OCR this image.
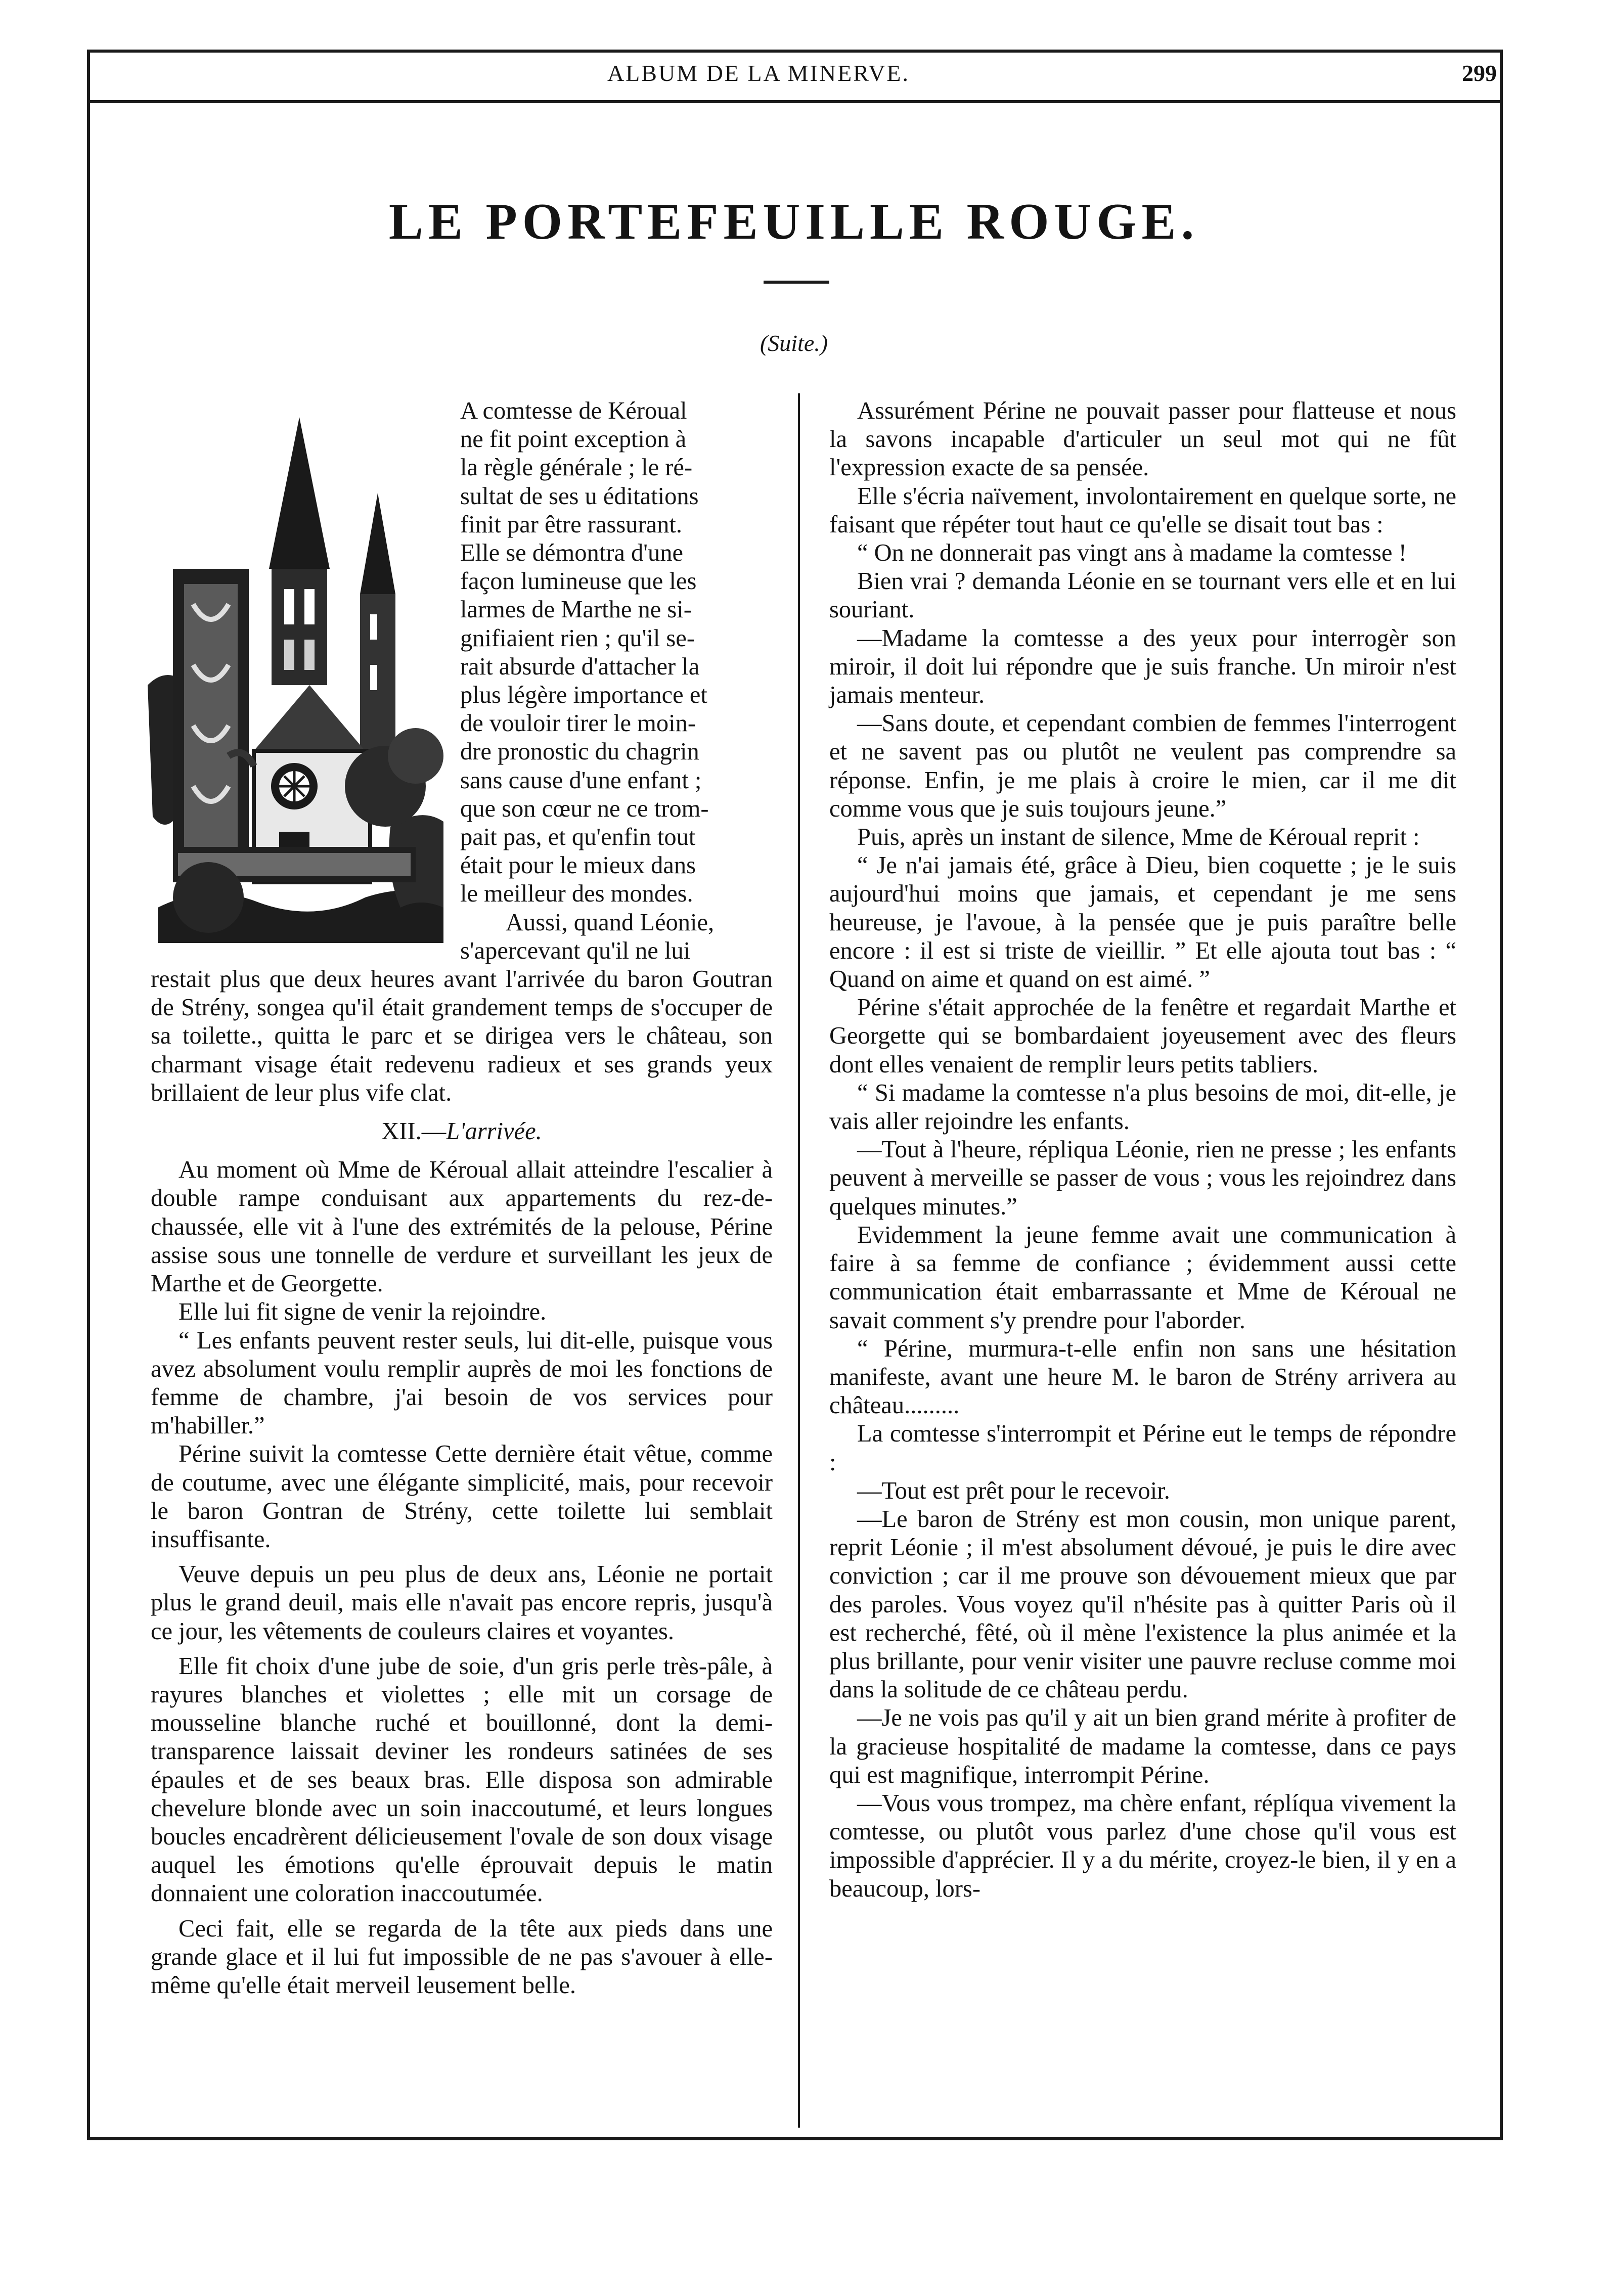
ALBUM DE LA MINERVE.	299
LE PORTEFEUILLE ROUGE.
(Suite.)

A comtesse de Kéroual

ne fit point exception à

la règle générale ; le ré-

sultat de ses u éditations

finit par être rassurant.

Elle se démontra d'une

façon lumineuse que les

larmes de Marthe ne si-

gnifiaient rien ; qu'il se-

rait absurde d'attacher la

plus légère importance et

de vouloir tirer le moin-

dre pronostic du chagrin

sans cause d'une enfant ;

que son cœur ne ce trom-

pait pas, et qu'enfin tout

était pour le mieux dans

le meilleur des mondes.

Aussi, quand Léonie,

s'apercevant qu'il ne lui

restait plus que deux heures avant l'arrivée du baron Goutran de Strény, songea qu'il était grandement temps de s'occuper de sa toilette., quitta le parc et se dirigea vers le château, son charmant visage était redevenu radieux et ses grands yeux brillaient de leur plus vife clat.

XII.—L'arrivée.

Au moment où Mme de Kéroual allait atteindre l'escalier à double rampe conduisant aux appartements du rez-de-chaussée, elle vit à l'une des extrémités de la pelouse, Périne assise sous une tonnelle de verdure et surveillant les jeux de Marthe et de Georgette.

Elle lui fit signe de venir la rejoindre.

“ Les enfants peuvent rester seuls, lui dit-elle, puisque vous avez absolument voulu remplir auprès de moi les fonctions de femme de chambre, j'ai besoin de vos services pour m'habiller.”

Périne suivit la comtesse Cette dernière était vêtue, comme de coutume, avec une élégante simplicité, mais, pour recevoir le baron Gontran de Strény, cette toilette lui semblait insuffisante.

Veuve depuis un peu plus de deux ans, Léonie ne portait plus le grand deuil, mais elle n'avait pas encore repris, jusqu'à ce jour, les vêtements de couleurs claires et voyantes.

Elle fit choix d'une jube de soie, d'un gris perle très-pâle, à rayures blanches et violettes ; elle mit un corsage de mousseline blanche ruché et bouillonné, dont la demi-transparence laissait deviner les rondeurs satinées de ses épaules et de ses beaux bras. Elle disposa son admirable chevelure blonde avec un soin inaccoutumé, et leurs longues boucles encadrèrent délicieusement l'ovale de son doux visage auquel les émotions qu'elle éprouvait depuis le matin donnaient une coloration inaccoutumée.

Ceci fait, elle se regarda de la tête aux pieds dans une grande glace et il lui fut impossible de ne pas s'avouer à elle-même qu'elle était merveil leusement belle.

Assurément Périne ne pouvait passer pour flatteuse et nous la savons incapable d'articuler un seul mot qui ne fût l'expression exacte de sa pensée.

Elle s'écria naïvement, involontairement en quelque sorte, ne faisant que répéter tout haut ce qu'elle se disait tout bas :

“ On ne donnerait pas vingt ans à madame la comtesse !

Bien vrai ? demanda Léonie en se tournant vers elle et en lui souriant.

—Madame la comtesse a des yeux pour interrogèr son miroir, il doit lui répondre que je suis franche. Un miroir n'est jamais menteur.

—Sans doute, et cependant combien de femmes l'interrogent et ne savent pas ou plutôt ne veulent pas comprendre sa réponse. Enfin, je me plais à croire le mien, car il me dit comme vous que je suis toujours jeune.”

Puis, après un instant de silence, Mme de Kéroual reprit :

“ Je n'ai jamais été, grâce à Dieu, bien coquette ; je le suis aujourd'hui moins que jamais, et cependant je me sens heureuse, je l'avoue, à la pensée que je puis paraître belle encore : il est si triste de vieillir. ” Et elle ajouta tout bas : “ Quand on aime et quand on est aimé. ”

Périne s'était approchée de la fenêtre et regardait Marthe et Georgette qui se bombardaient joyeusement avec des fleurs dont elles venaient de remplir leurs petits tabliers.

“ Si madame la comtesse n'a plus besoins de moi, dit-elle, je vais aller rejoindre les enfants.

—Tout à l'heure, répliqua Léonie, rien ne presse ; les enfants peuvent à merveille se passer de vous ; vous les rejoindrez dans quelques minutes.”

Evidemment la jeune femme avait une communication à faire à sa femme de confiance ; évidemment aussi cette communication était embarrassante et Mme de Kéroual ne savait comment s'y prendre pour l'aborder.

“ Périne, murmura-t-elle enfin non sans une hésitation manifeste, avant une heure M. le baron de Strény arrivera au château.........

La comtesse s'interrompit et Périne eut le temps de répondre :

—Tout est prêt pour le recevoir.

—Le baron de Strény est mon cousin, mon unique parent, reprit Léonie ; il m'est absolument dévoué, je puis le dire avec conviction ; car il me prouve son dévouement mieux que par des paroles. Vous voyez qu'il n'hésite pas à quitter Paris où il est recherché, fêté, où il mène l'existence la plus animée et la plus brillante, pour venir visiter une pauvre recluse comme moi dans la solitude de ce château perdu.

—Je ne vois pas qu'il y ait un bien grand mérite à profiter de la gracieuse hospitalité de madame la comtesse, dans ce pays qui est magnifique, interrompit Périne.

—Vous vous trompez, ma chère enfant, réplíqua vivement la comtesse, ou plutôt vous parlez d'une chose qu'il vous est impossible d'apprécier. Il y a du mérite, croyez-le bien, il y en a beaucoup, lors-
